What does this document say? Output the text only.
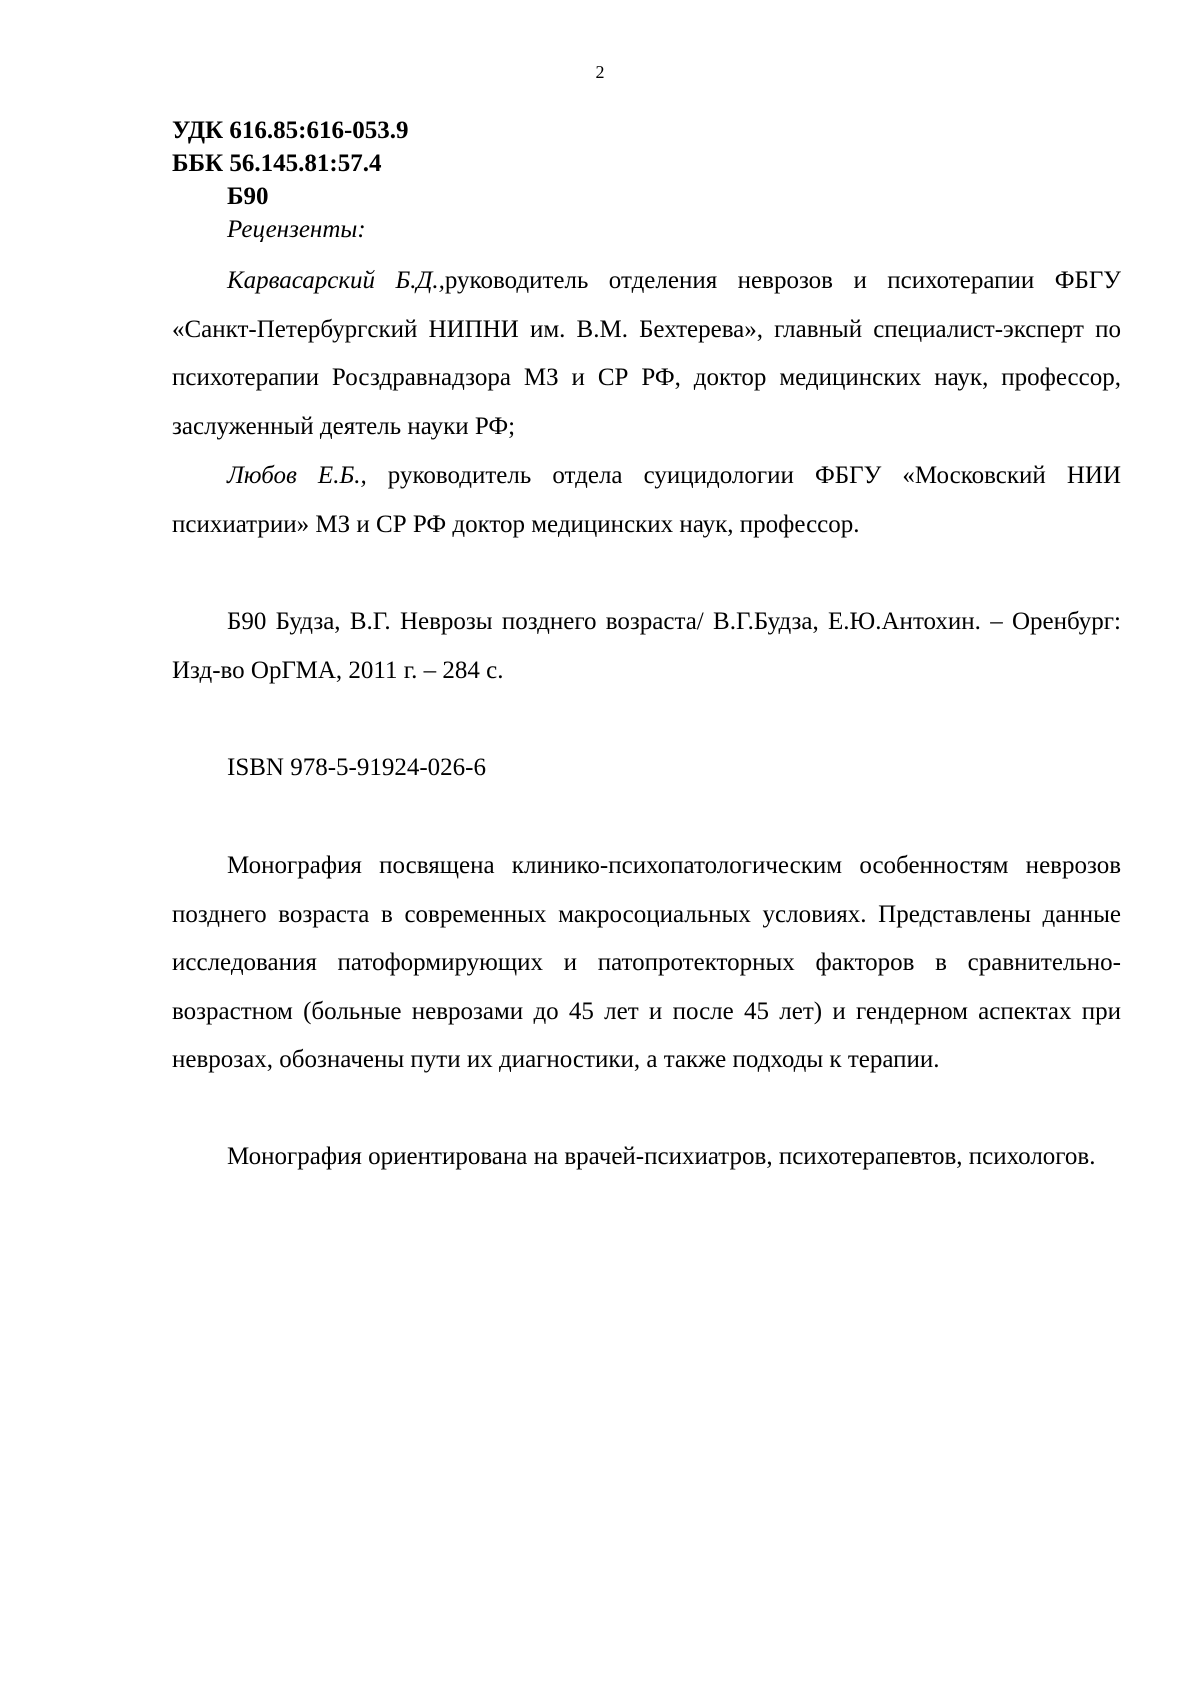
2
УДК 616.85:616-053.9
ББК 56.145.81:57.4
Б90
Рецензенты:

Карвасарский Б.Д.,руководитель отделения неврозов и психотерапии ФБГУ «Санкт-Петербургский НИПНИ им. В.М. Бехтерева», главный специалист-эксперт по психотерапии Росздравнадзора МЗ и СР РФ, доктор медицинских наук, профессор, заслуженный деятель науки РФ;

Любов Е.Б., руководитель отдела суицидологии ФБГУ «Московский НИИ психиатрии» МЗ и СР РФ доктор медицинских наук, профессор.

Б90 Будза, В.Г. Неврозы позднего возраста/ В.Г.Будза, Е.Ю.Антохин. – Оренбург: Изд-во ОрГМА, 2011 г. – 284 с.

ISBN 978-5-91924-026-6

Монография посвящена клинико-психопатологическим особенностям неврозов позднего возраста в современных макросоциальных условиях. Представлены данные исследования патоформирующих и патопротекторных факторов в сравнительно-возрастном (больные неврозами до 45 лет и после 45 лет) и гендерном аспектах при неврозах, обозначены пути их диагностики, а также подходы к терапии.

Монография ориентирована на врачей-психиатров, психотерапевтов, психологов.
